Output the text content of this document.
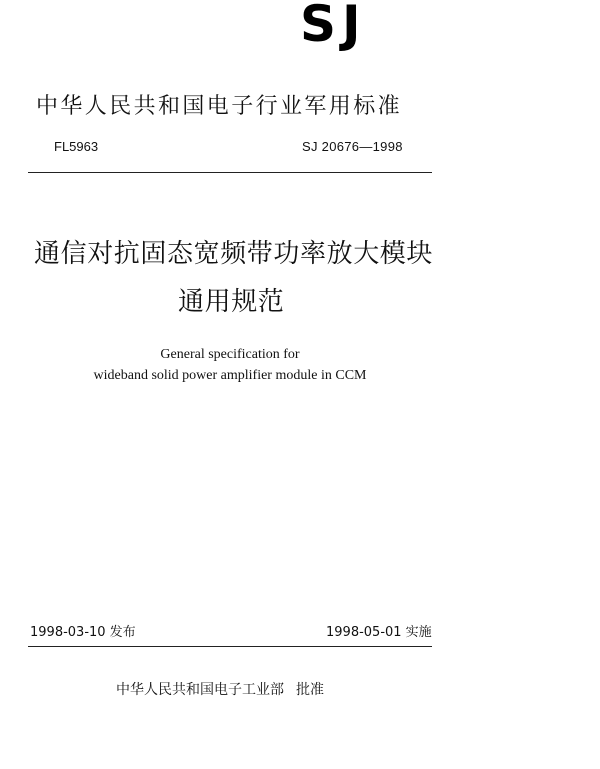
SJ
中华人民共和国电子行业军用标准
FL5963	SJ 20676—1998
通信对抗固态宽频带功率放大模块
通用规范
General specification for
wideband solid power amplifier module in CCM
1998-03-10 发布	1998-05-01 实施
中华人民共和国电子工业部 批准
